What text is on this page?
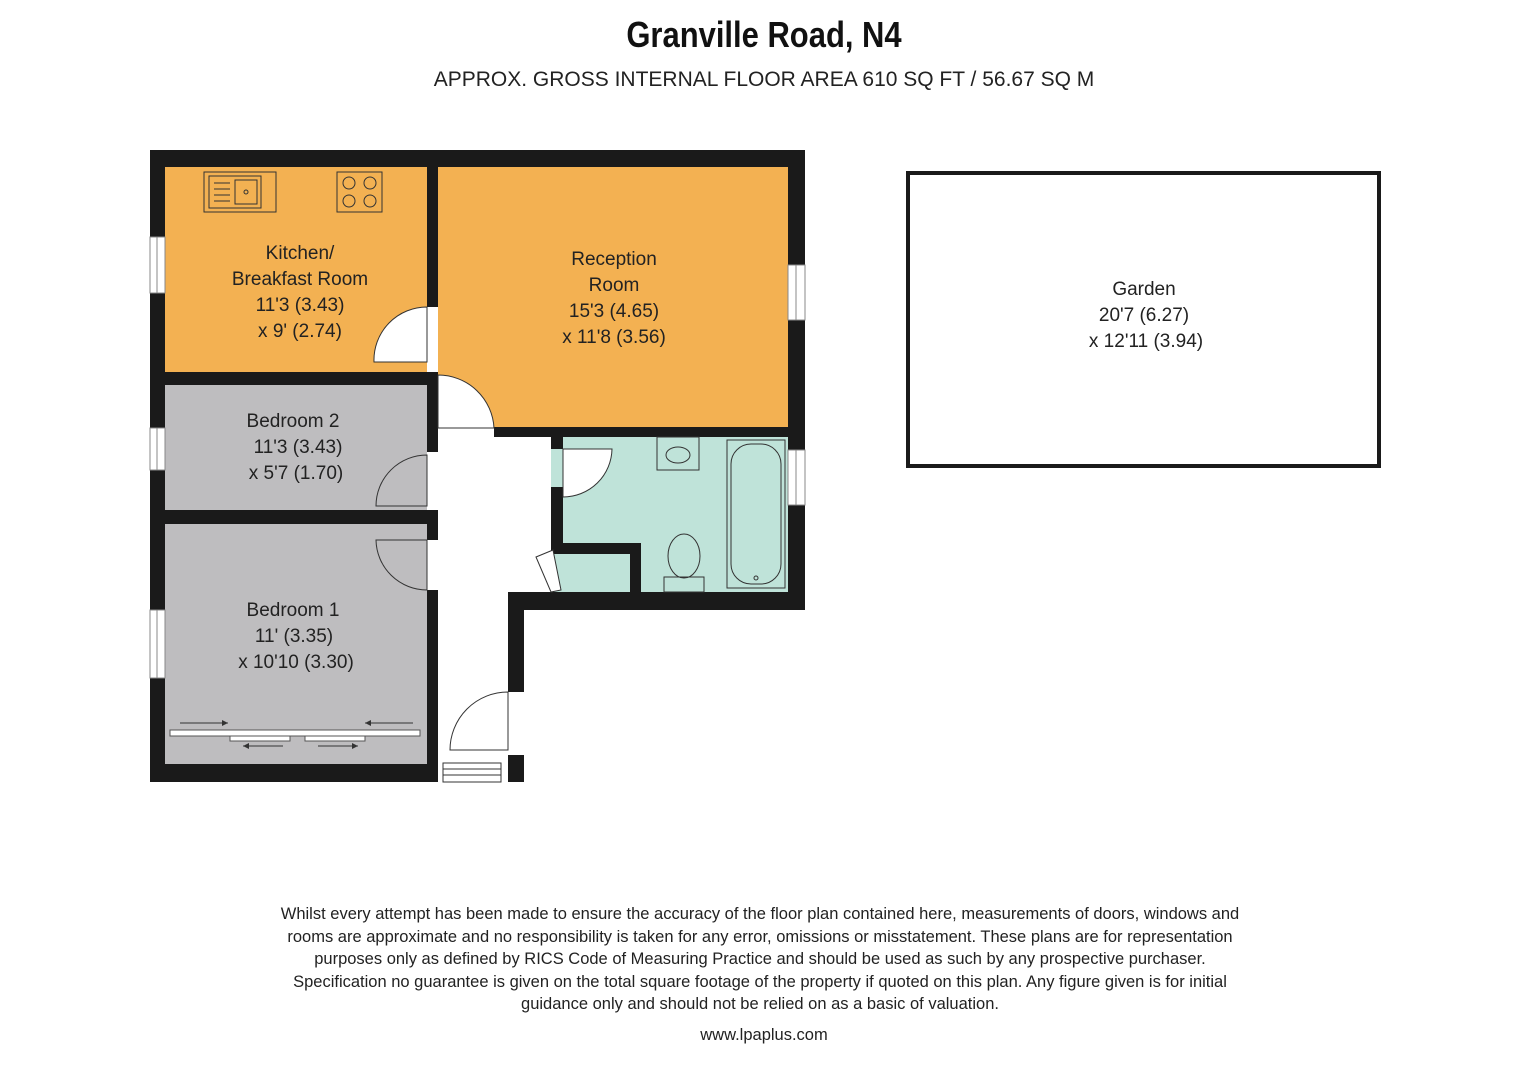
Granville Road, N4
APPROX. GROSS INTERNAL FLOOR AREA 610 SQ FT / 56.67 SQ M
Kitchen/
Breakfast Room
11'3 (3.43)
x 9' (2.74)
Reception
Room
15'3 (4.65)
x 11'8 (3.56)
Bedroom 2
11'3 (3.43)
x 5'7 (1.70)
Bedroom 1
11' (3.35)
x 10'10 (3.30)
Garden
20'7 (6.27)
x 12'11 (3.94)
Whilst every attempt has been made to ensure the accuracy of the floor plan contained here, measurements of doors, windows and
rooms are approximate and no responsibility is taken for any error, omissions or misstatement. These plans are for representation
purposes only as defined by RICS Code of Measuring Practice and should be used as such by any prospective purchaser.
Specification no guarantee is given on the total square footage of the property if quoted on this plan. Any figure given is for initial
guidance only and should not be relied on as a basic of valuation.
www.lpaplus.com
